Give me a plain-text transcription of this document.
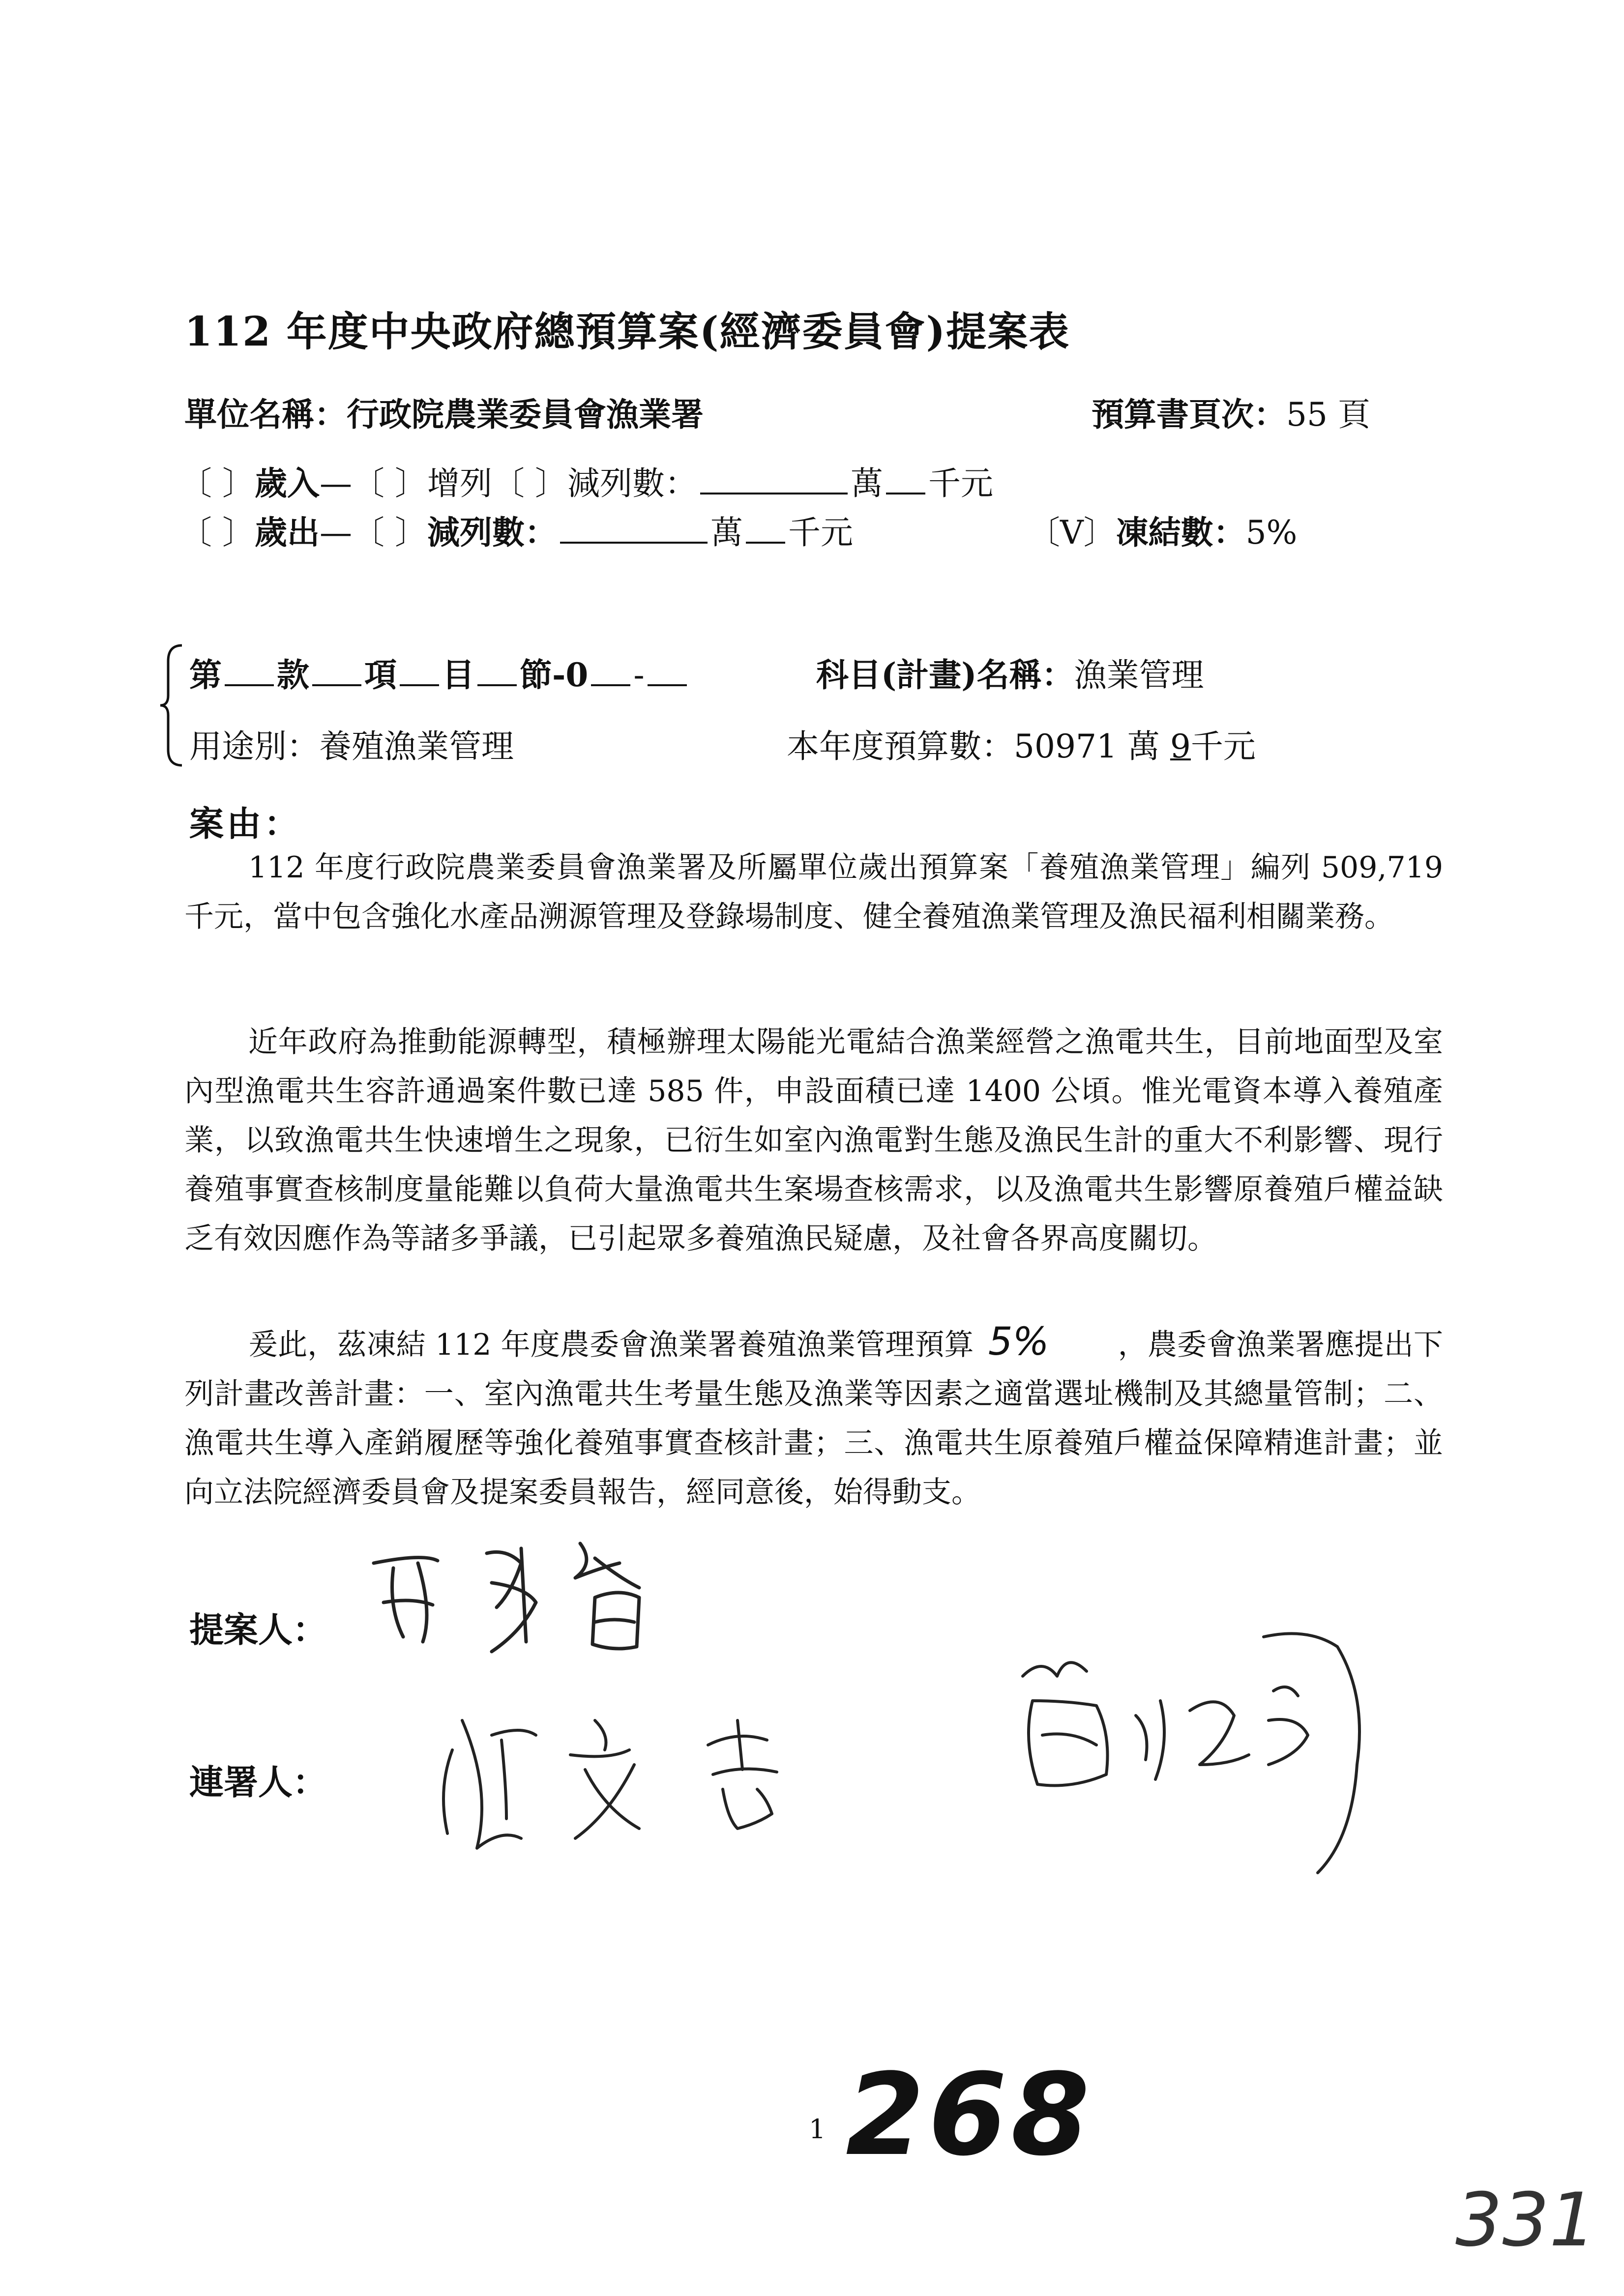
112 年度中央政府總預算案(經濟委員會)提案表
單位名稱：行政院農業委員會漁業署	預算書頁次：55 頁
〔 〕歲入—〔 〕增列〔 〕減列數：	萬 千元
〔 〕歲出—〔 〕減列數：	萬 千元	〔V〕凍結數：5%
第 款 項 目 節-0 -	科目(計畫)名稱：漁業管理
用途別：養殖漁業管理	本年度預算數：50971 萬 9千元
案由：
112 年度行政院農業委員會漁業署及所屬單位歲出預算案「養殖漁業管理」編列 509,719 千元，當中包含強化水產品溯源管理及登錄場制度、健全養殖漁業管理及漁民福利相關業務。
近年政府為推動能源轉型，積極辦理太陽能光電結合漁業經營之漁電共生，目前地面型及室內型漁電共生容許通過案件數已達 585 件，申設面積已達 1400 公頃。惟光電資本導入養殖產業，以致漁電共生快速增生之現象，已衍生如室內漁電對生態及漁民生計的重大不利影響、現行養殖事實查核制度量能難以負荷大量漁電共生案場查核需求，以及漁電共生影響原養殖戶權益缺乏有效因應作為等諸多爭議，已引起眾多養殖漁民疑慮，及社會各界高度關切。
爰此，茲凍結 112 年度農委會漁業署養殖漁業管理預算 5% ，農委會漁業署應提出下列計畫改善計畫：一、室內漁電共生考量生態及漁業等因素之適當選址機制及其總量管制；二、漁電共生導入產銷履歷等強化養殖事實查核計畫；三、漁電共生原養殖戶權益保障精進計畫；並向立法院經濟委員會及提案委員報告，經同意後，始得動支。
提案人：
連署人：
1 268
331
